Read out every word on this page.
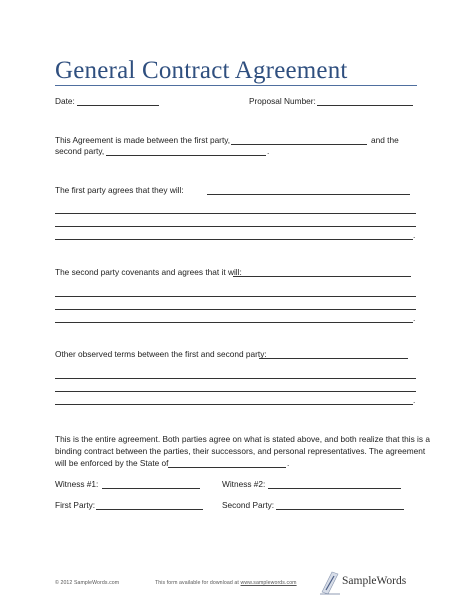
General Contract Agreement
Date:	Proposal Number:
This Agreement is made between the first party,	and the
second party,	.
The first party agrees that they will:
.
The second party covenants and agrees that it will:
.
Other observed terms between the first and second party:
.
This is the entire agreement. Both parties agree on what is stated above, and both realize that this is a
binding contract between the parties, their successors, and personal representatives. The agreement
will be enforced by the State of	.
Witness #1:	Witness #2:
First Party:	Second Party:
© 2012 SampleWords.com	This form available for download at www.samplewords.com	SampleWords
